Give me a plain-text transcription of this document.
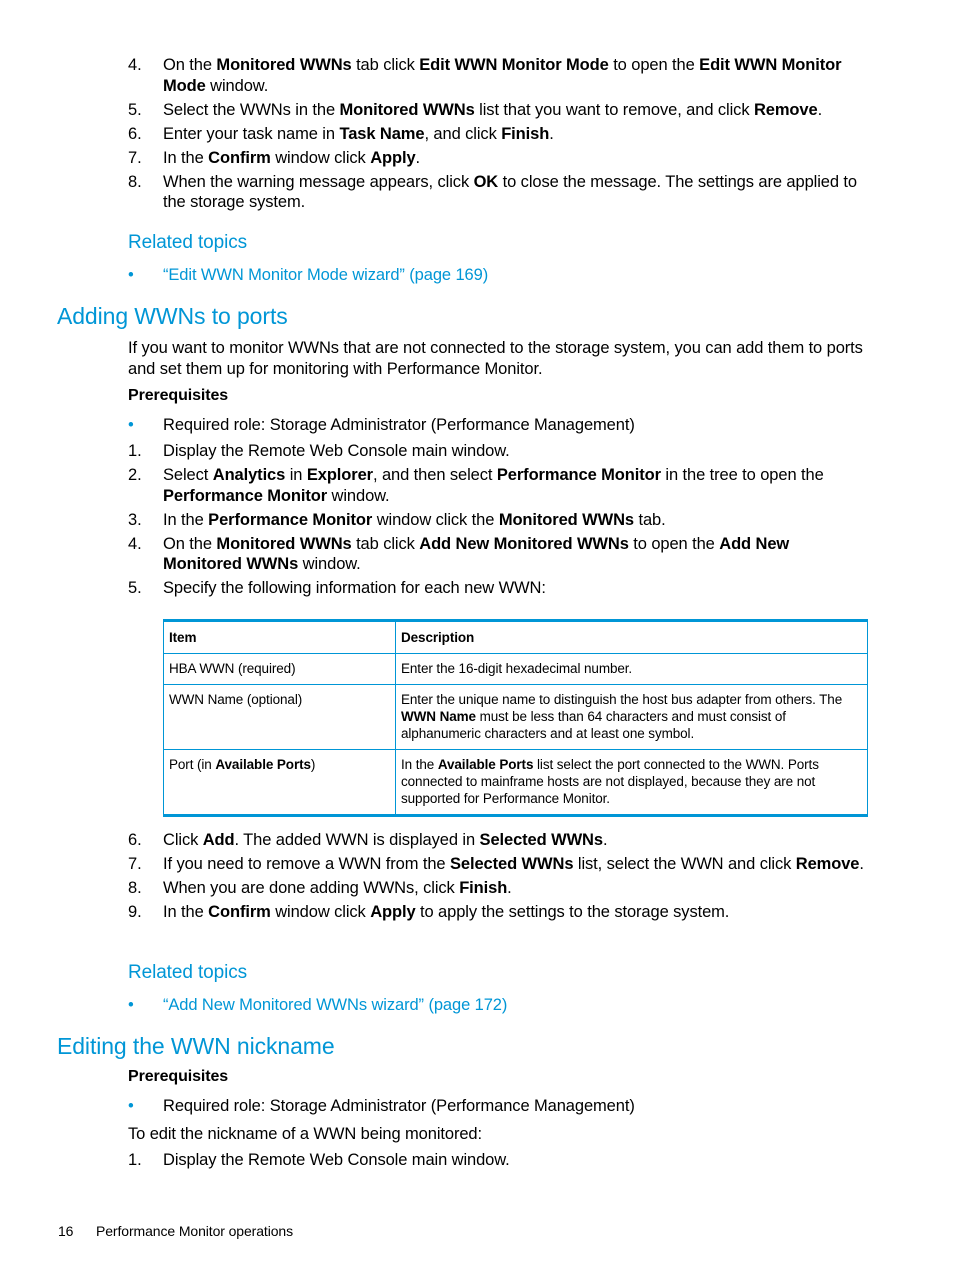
4. On the Monitored WWNs tab click Edit WWN Monitor Mode to open the Edit WWN Monitor Mode window.
5. Select the WWNs in the Monitored WWNs list that you want to remove, and click Remove.
6. Enter your task name in Task Name, and click Finish.
7. In the Confirm window click Apply.
8. When the warning message appears, click OK to close the message. The settings are applied to the storage system.
Related topics
• “Edit WWN Monitor Mode wizard” (page 169)
Adding WWNs to ports

If you want to monitor WWNs that are not connected to the storage system, you can add them to ports and set them up for monitoring with Performance Monitor.

Prerequisites

• Required role: Storage Administrator (Performance Management)
1. Display the Remote Web Console main window.
2. Select Analytics in Explorer, and then select Performance Monitor in the tree to open the Performance Monitor window.
3. In the Performance Monitor window click the Monitored WWNs tab.
4. On the Monitored WWNs tab click Add New Monitored WWNs to open the Add New Monitored WWNs window.
5. Specify the following information for each new WWN:
Item	Description
HBA WWN (required)	Enter the 16-digit hexadecimal number.
WWN Name (optional)	Enter the unique name to distinguish the host bus adapter from others. The WWN Name must be less than 64 characters and must consist of alphanumeric characters and at least one symbol.
Port (in Available Ports)	In the Available Ports list select the port connected to the WWN. Ports connected to mainframe hosts are not displayed, because they are not supported for Performance Monitor.
6. Click Add. The added WWN is displayed in Selected WWNs.
7. If you need to remove a WWN from the Selected WWNs list, select the WWN and click Remove.
8. When you are done adding WWNs, click Finish.
9. In the Confirm window click Apply to apply the settings to the storage system.
Related topics
• “Add New Monitored WWNs wizard” (page 172)
Editing the WWN nickname

Prerequisites

• Required role: Storage Administrator (Performance Management)

To edit the nickname of a WWN being monitored:

1. Display the Remote Web Console main window.
16 Performance Monitor operations
